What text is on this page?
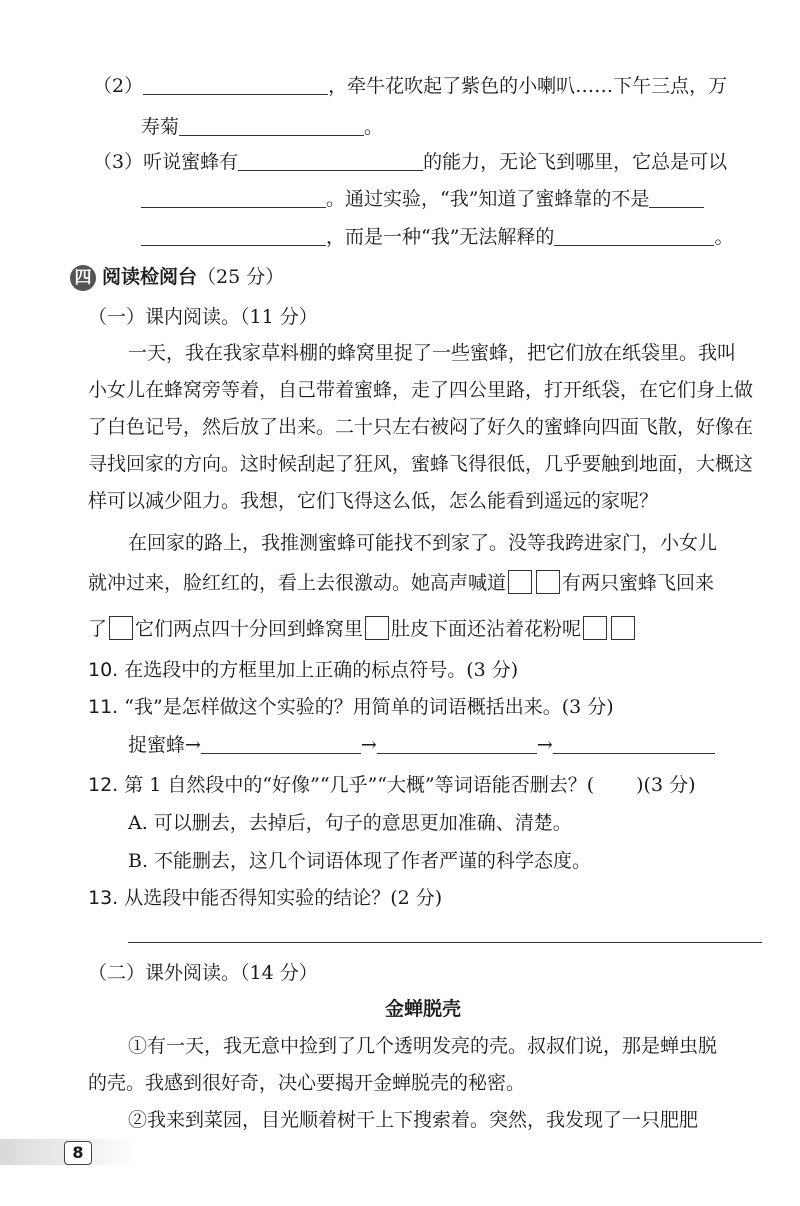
（2）	，牵牛花吹起了紫色的小喇叭……下午三点，万
寿菊	。
（3）听说蜜蜂有	的能力，无论飞到哪里，它总是可以
。通过实验，“我”知道了蜜蜂靠的不是
，而是一种“我”无法解释的	。
四 阅读检阅台（25 分）
（一）课内阅读。（11 分）
一天，我在我家草料棚的蜂窝里捉了一些蜜蜂，把它们放在纸袋里。我叫
小女儿在蜂窝旁等着，自己带着蜜蜂，走了四公里路，打开纸袋，在它们身上做
了白色记号，然后放了出来。二十只左右被闷了好久的蜜蜂向四面飞散，好像在
寻找回家的方向。这时候刮起了狂风，蜜蜂飞得很低，几乎要触到地面，大概这
样可以减少阻力。我想，它们飞得这么低，怎么能看到遥远的家呢？
在回家的路上，我推测蜜蜂可能找不到家了。没等我跨进家门，小女儿
就冲过来，脸红红的，看上去很激动。她高声喊道	有两只蜜蜂飞回来
了 它们两点四十分回到蜂窝里 肚皮下面还沾着花粉呢
10. 在选段中的方框里加上正确的标点符号。(3 分)
11. “我”是怎样做这个实验的？用简单的词语概括出来。(3 分)
捉蜜蜂→	→	→
12. 第 1 自然段中的“好像”“几乎”“大概”等词语能否删去？( )(3 分)
A. 可以删去，去掉后，句子的意思更加准确、清楚。
B. 不能删去，这几个词语体现了作者严谨的科学态度。
13. 从选段中能否得知实验的结论？(2 分)
（二）课外阅读。（14 分）
金蝉脱壳
①有一天，我无意中捡到了几个透明发亮的壳。叔叔们说，那是蝉虫脱
的壳。我感到很好奇，决心要揭开金蝉脱壳的秘密。
②我来到菜园，目光顺着树干上下搜索着。突然，我发现了一只肥肥
8
